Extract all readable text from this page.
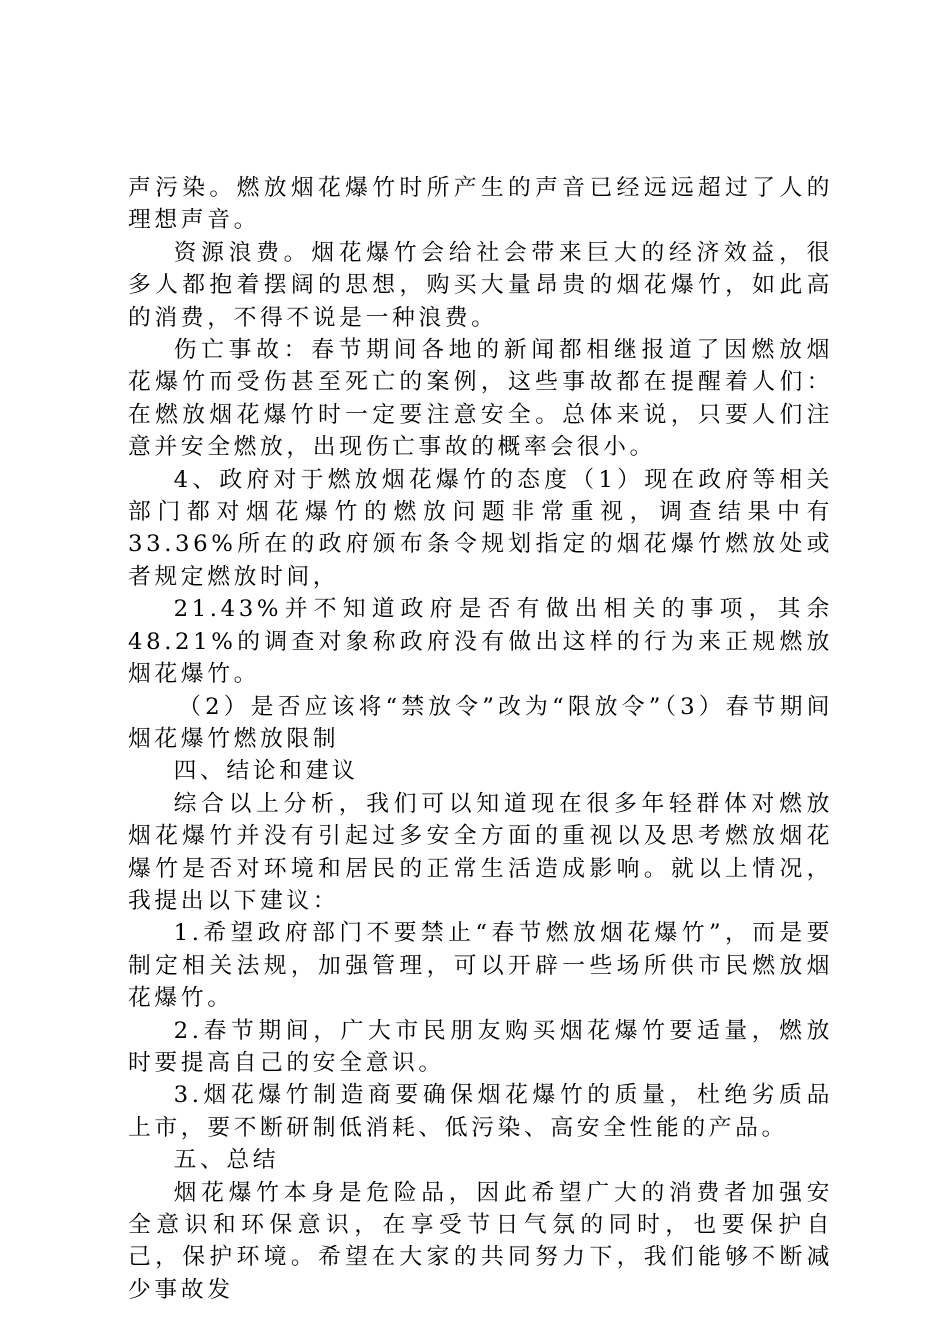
声污染。燃放烟花爆竹时所产生的声音已经远远超过了人的理想声音。

资源浪费。烟花爆竹会给社会带来巨大的经济效益，很多人都抱着摆阔的思想，购买大量昂贵的烟花爆竹，如此高的消费，不得不说是一种浪费。

伤亡事故：春节期间各地的新闻都相继报道了因燃放烟花爆竹而受伤甚至死亡的案例，这些事故都在提醒着人们：在燃放烟花爆竹时一定要注意安全。总体来说，只要人们注意并安全燃放，出现伤亡事故的概率会很小。

4、政府对于燃放烟花爆竹的态度（1）现在政府等相关部门都对烟花爆竹的燃放问题非常重视，调查结果中有33.36%所在的政府颁布条令规划指定的烟花爆竹燃放处或者规定燃放时间，

21.43%并不知道政府是否有做出相关的事项，其余48.21%的调查对象称政府没有做出这样的行为来正规燃放烟花爆竹。

（2）是否应该将“禁放令”改为“限放令”（3）春节期间烟花爆竹燃放限制

四、结论和建议

综合以上分析，我们可以知道现在很多年轻群体对燃放烟花爆竹并没有引起过多安全方面的重视以及思考燃放烟花爆竹是否对环境和居民的正常生活造成影响。就以上情况，我提出以下建议：

1.希望政府部门不要禁止“春节燃放烟花爆竹”，而是要制定相关法规，加强管理，可以开辟一些场所供市民燃放烟花爆竹。

2.春节期间，广大市民朋友购买烟花爆竹要适量，燃放时要提高自己的安全意识。

3.烟花爆竹制造商要确保烟花爆竹的质量，杜绝劣质品上市，要不断研制低消耗、低污染、高安全性能的产品。

五、总结

烟花爆竹本身是危险品，因此希望广大的消费者加强安全意识和环保意识，在享受节日气氛的同时，也要保护自己，保护环境。希望在大家的共同努力下，我们能够不断减少事故发
